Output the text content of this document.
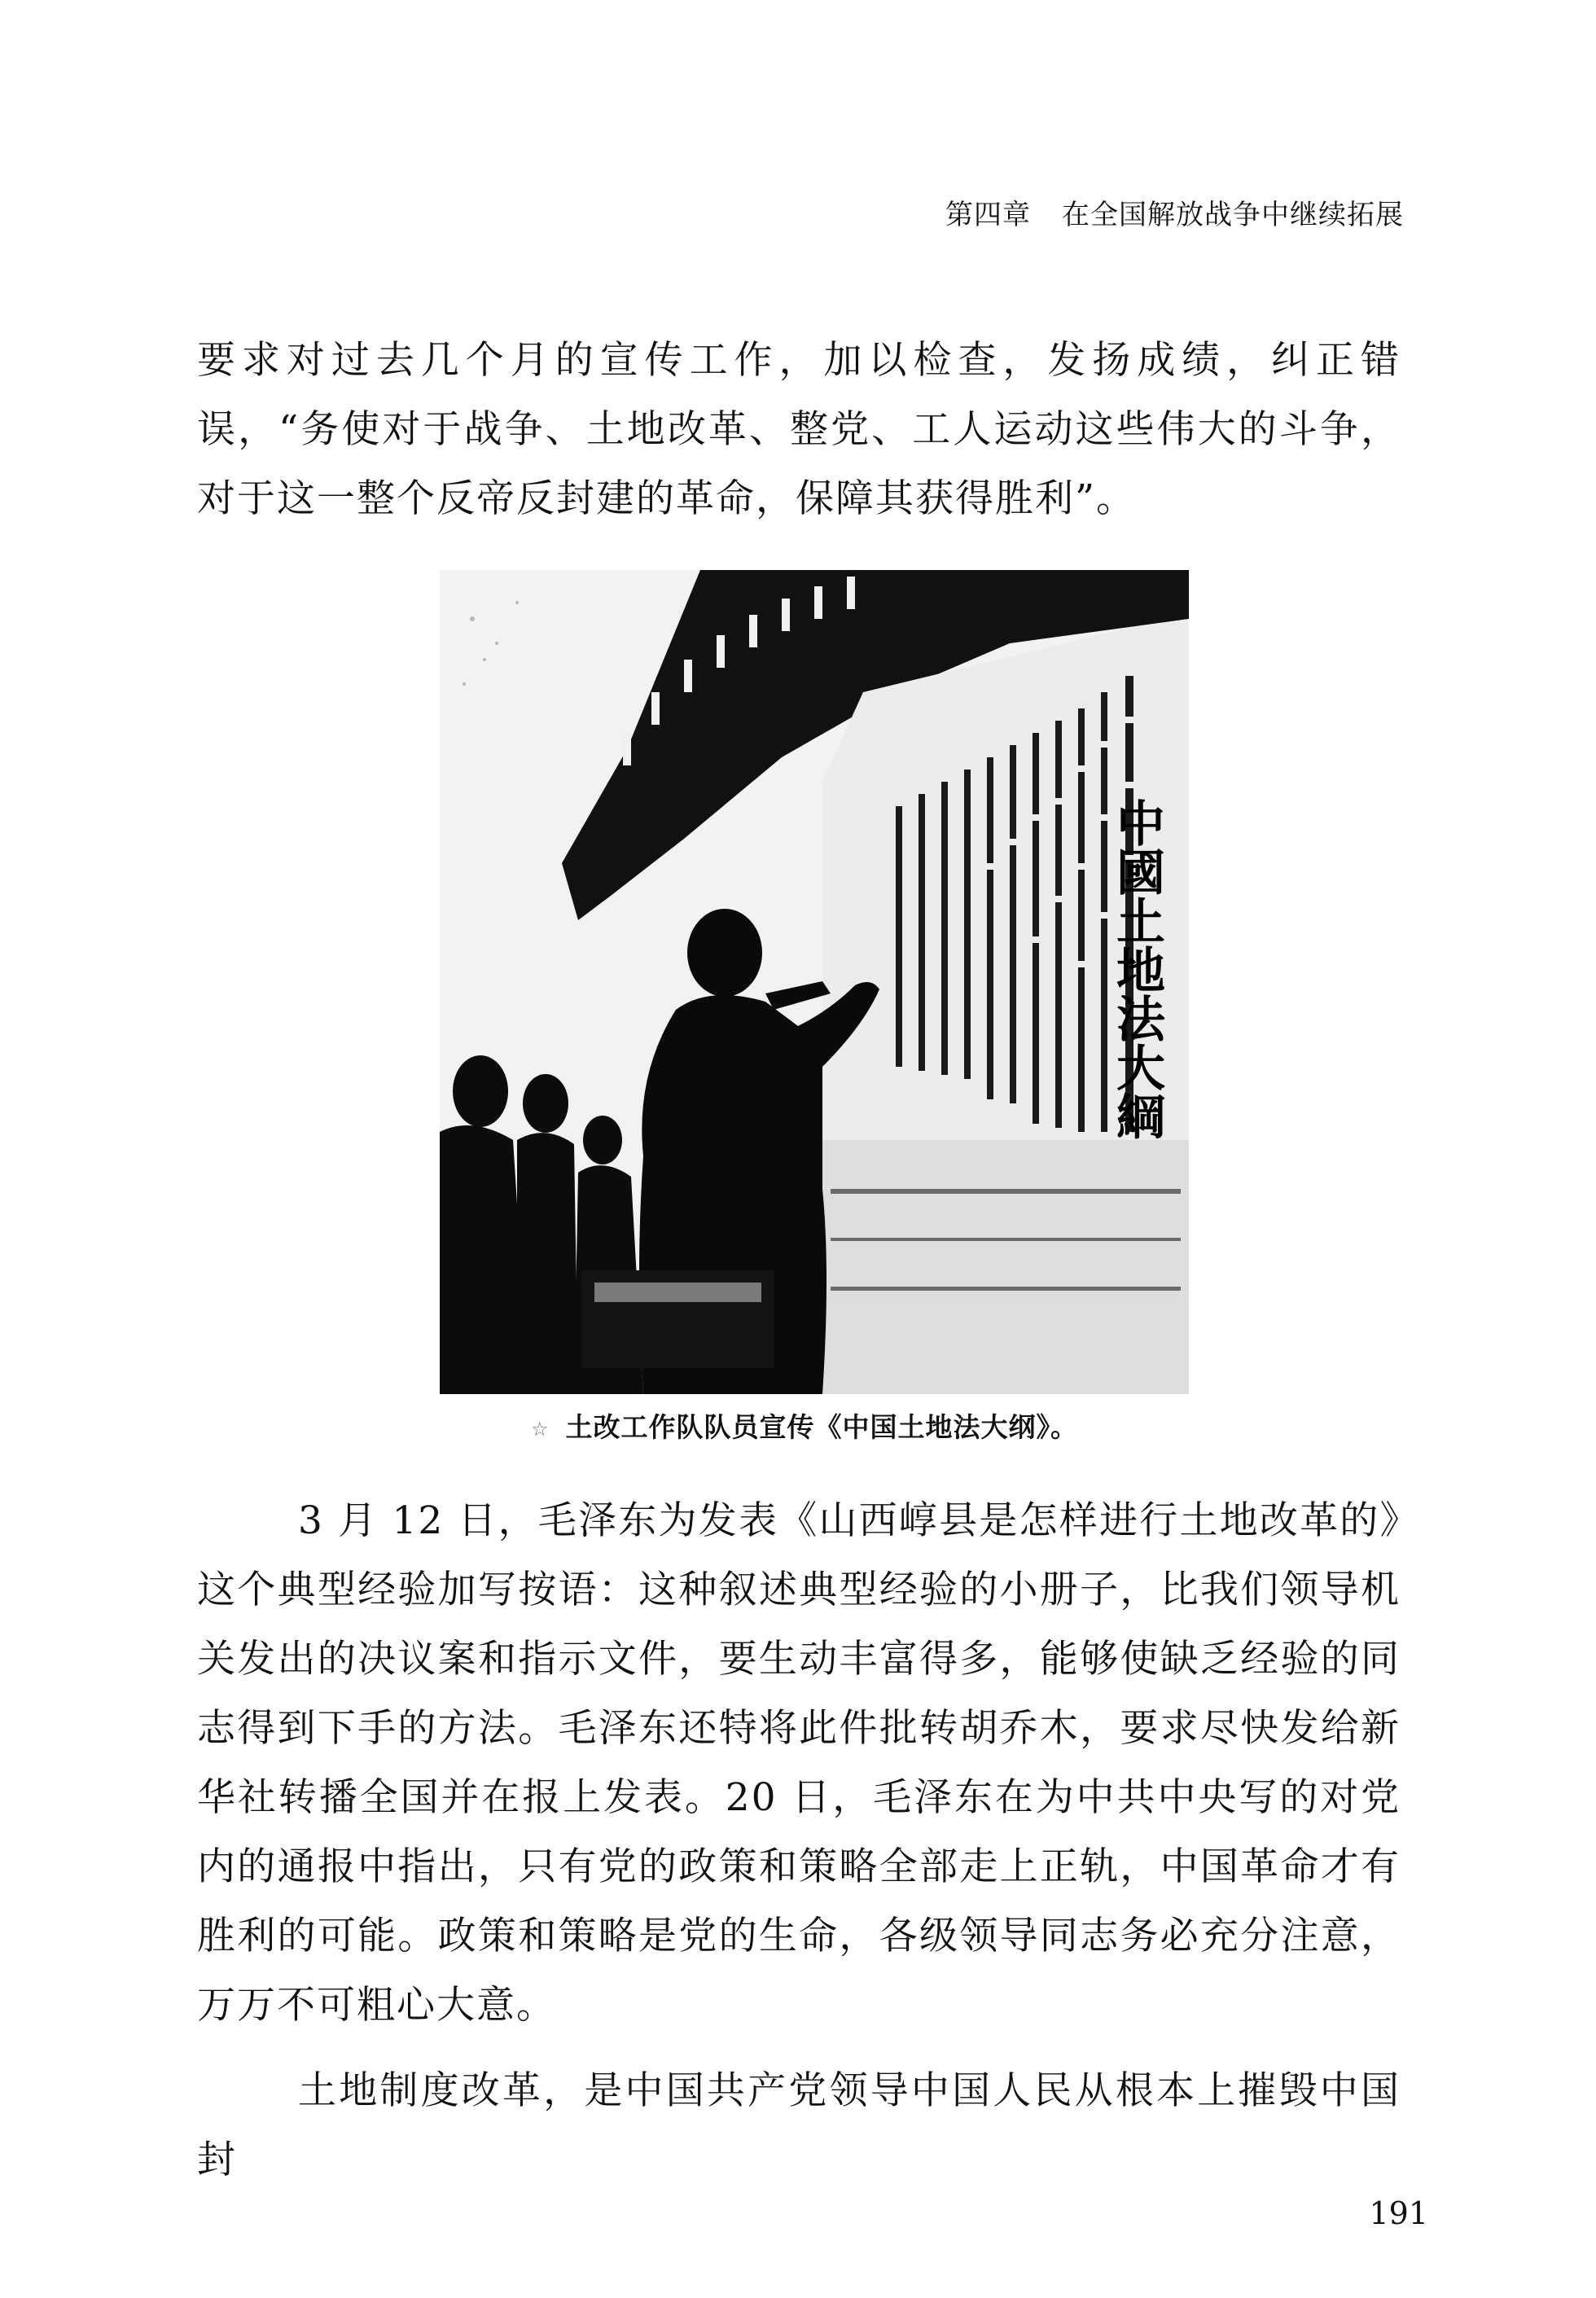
第四章 在全国解放战争中继续拓展

要求对过去几个月的宣传工作，加以检查，发扬成绩，纠正错误，“务使对于战争、土地改革、整党、工人运动这些伟大的斗争，对于这一整个反帝反封建的革命，保障其获得胜利”。

中國土地法大綱
☆ 土改工作队队员宣传《中国土地法大纲》。

3 月 12 日，毛泽东为发表《山西崞县是怎样进行土地改革的》这个典型经验加写按语：这种叙述典型经验的小册子，比我们领导机关发出的决议案和指示文件，要生动丰富得多，能够使缺乏经验的同志得到下手的方法。毛泽东还特将此件批转胡乔木，要求尽快发给新华社转播全国并在报上发表。20 日，毛泽东在为中共中央写的对党内的通报中指出，只有党的政策和策略全部走上正轨，中国革命才有胜利的可能。政策和策略是党的生命，各级领导同志务必充分注意，万万不可粗心大意。

土地制度改革，是中国共产党领导中国人民从根本上摧毁中国封

191
